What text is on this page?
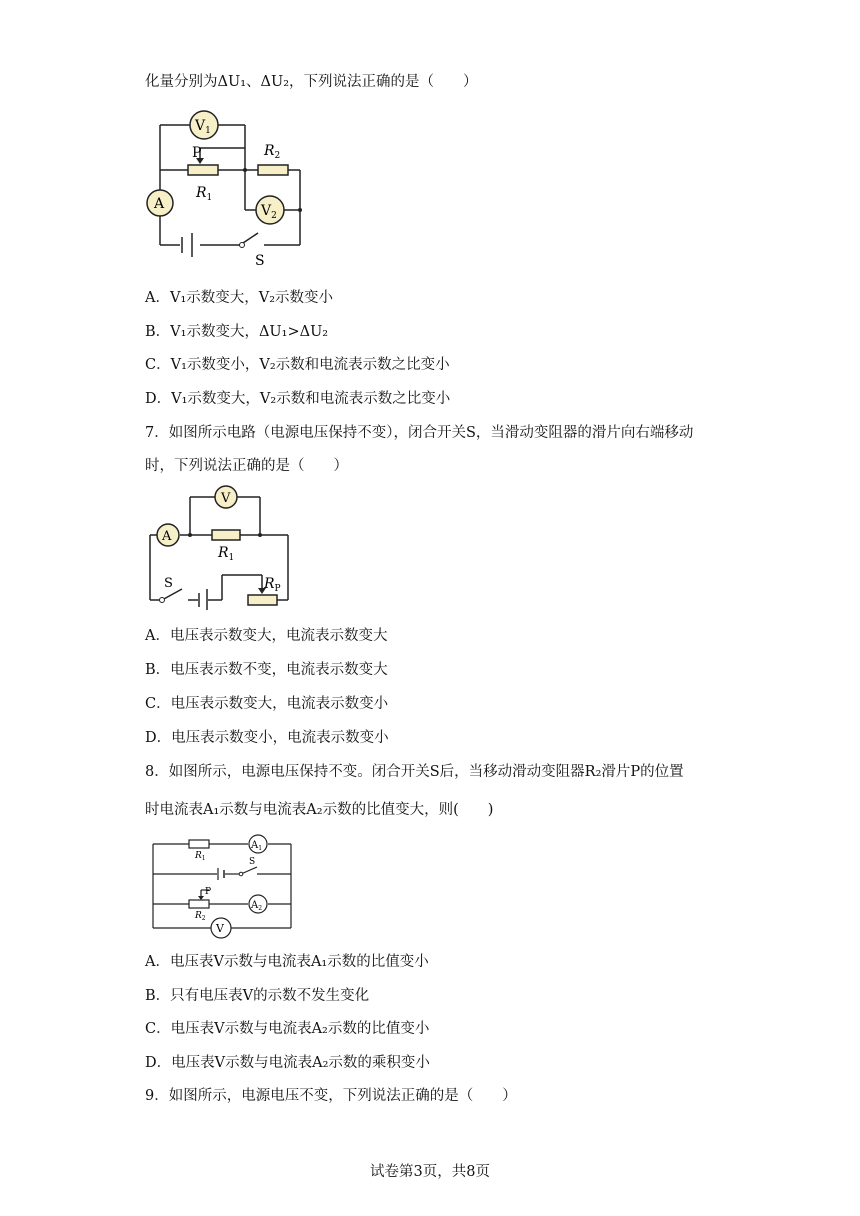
化量分别为ΔU₁、ΔU₂，下列说法正确的是（　　）
A
$V_1$
$V_2$
P
$R_1$
$R_2$
S
A．V₁示数变大，V₂示数变小
B．V₁示数变大，ΔU₁>ΔU₂
C．V₁示数变小，V₂示数和电流表示数之比变小
D．V₁示数变大，V₂示数和电流表示数之比变小
7．如图所示电路（电源电压保持不变），闭合开关S，当滑动变阻器的滑片向右端移动
时，下列说法正确的是（　　）
A
V
$R_1$
$R_P$
S
A．电压表示数变大，电流表示数变大
B．电压表示数不变，电流表示数变大
C．电压表示数变大，电流表示数变小
D．电压表示数变小，电流表示数变小
8．如图所示，电源电压保持不变。闭合开关S后，当移动滑动变阻器R₂滑片P的位置
时电流表A₁示数与电流表A₂示数的比值变大，则(　　)
$R_1$
$A_1$
S
P
$R_2$
$A_2$
V
A．电压表V示数与电流表A₁示数的比值变小
B．只有电压表V的示数不发生变化
C．电压表V示数与电流表A₂示数的比值变小
D．电压表V示数与电流表A₂示数的乘积变小
9．如图所示，电源电压不变，下列说法正确的是（　　）
试卷第3页，共8页
